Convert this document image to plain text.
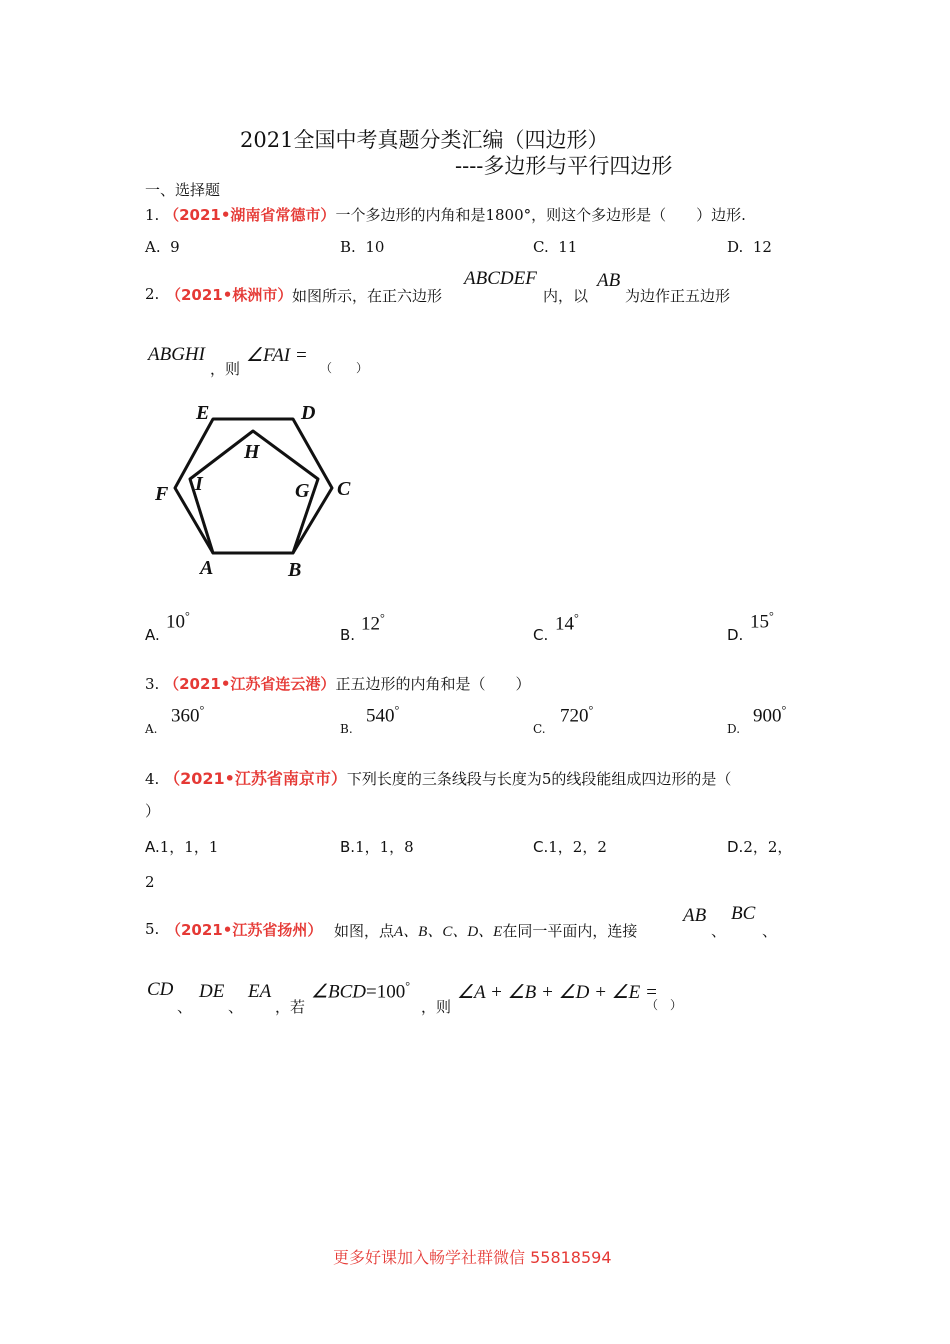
2021全国中考真题分类汇编（四边形）
----多边形与平行四边形
一、选择题
1. （2021•湖南省常德市）一个多边形的内角和是1800°，则这个多边形是（　　）边形.
A. 9	B. 10	C. 11	D. 12
2. （2021•株洲市） 如图所示，在正六边形
ABCDEF
内，以
AB
为边作正五边形
ABGHI
，则
∠FAI =
（　　）
A	B
C
D
E
F	G
H
I
A.
10°
B.
12°
C.
14°
D.
15°
3. （2021•江苏省连云港）正五边形的内角和是（　　）
A.
360°
B.
540°
C.
720°
D.
900°
4. （2021•江苏省南京市）下列长度的三条线段与长度为5的线段能组成四边形的是（
）
A.1，1，1	B.1，1，8	C.1，2，2	D.2，2，
2
5. （2021•江苏省扬州） 如图，点A、B、C、D、E在同一平面内，连接
AB
、
BC
、
CD
、
DE
、
EA
，若
∠BCD=100°
，则
∠A + ∠B + ∠D + ∠E =
（　）
更多好课加入畅学社群微信 55818594
